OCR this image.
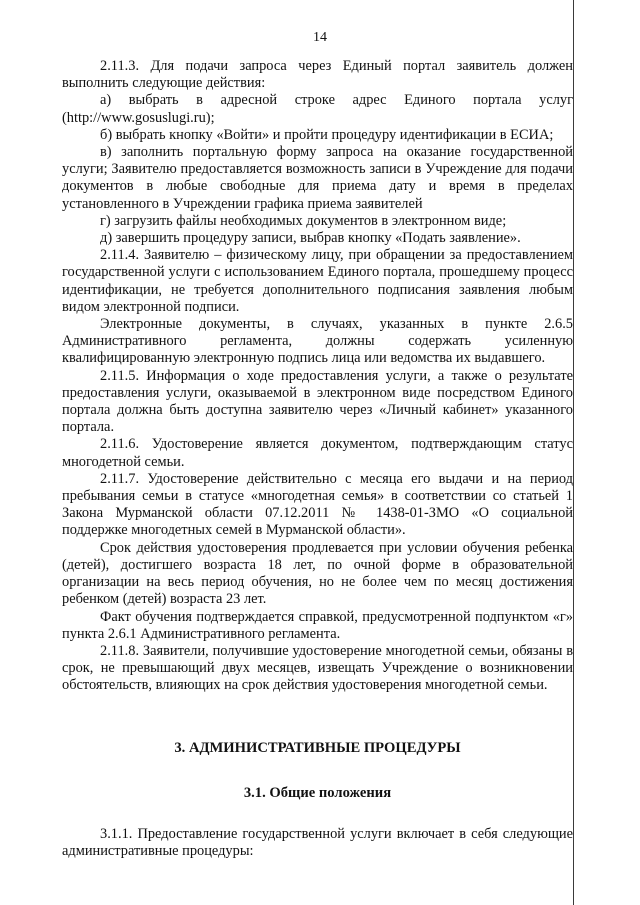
14

2.11.3. Для подачи запроса через Единый портал заявитель должен выполнить следующие действия:

а) выбрать в адресной строке адрес Единого портала услуг (http://www.gosuslugi.ru);

б) выбрать кнопку «Войти» и пройти процедуру идентификации в ЕСИА;

в) заполнить портальную форму запроса на оказание государственной услуги; Заявителю предоставляется возможность записи в Учреждение для подачи документов в любые свободные для приема дату и время в пределах установленного в Учреждении графика приема заявителей

г) загрузить файлы необходимых документов в электронном виде;

д) завершить процедуру записи, выбрав кнопку «Подать заявление».

2.11.4. Заявителю – физическому лицу, при обращении за предоставлением государственной услуги с использованием Единого портала, прошедшему процесс идентификации, не требуется дополнительного подписания заявления любым видом электронной подписи.

Электронные документы, в случаях, указанных в пункте 2.6.5 Административного регламента, должны содержать усиленную квалифицированную электронную подпись лица или ведомства их выдавшего.

2.11.5. Информация о ходе предоставления услуги, а также о результате предоставления услуги, оказываемой в электронном виде посредством Единого портала должна быть доступна заявителю через «Личный кабинет» указанного портала.

2.11.6. Удостоверение является документом, подтверждающим статус многодетной семьи.

2.11.7. Удостоверение действительно с месяца его выдачи и на период пребывания семьи в статусе «многодетная семья» в соответствии со статьей 1 Закона Мурманской области 07.12.2011 № 1438-01-ЗМО «О социальной поддержке многодетных семей в Мурманской области».

Срок действия удостоверения продлевается при условии обучения ребенка (детей), достигшего возраста 18 лет, по очной форме в образовательной организации на весь период обучения, но не более чем по месяц достижения ребенком (детей) возраста 23 лет.

Факт обучения подтверждается справкой, предусмотренной подпунктом «г» пункта 2.6.1 Административного регламента.

2.11.8. Заявители, получившие удостоверение многодетной семьи, обязаны в срок, не превышающий двух месяцев, извещать Учреждение о возникновении обстоятельств, влияющих на срок действия удостоверения многодетной семьи.

3. АДМИНИСТРАТИВНЫЕ ПРОЦЕДУРЫ
3.1. Общие положения

3.1.1. Предоставление государственной услуги включает в себя следующие административные процедуры:
